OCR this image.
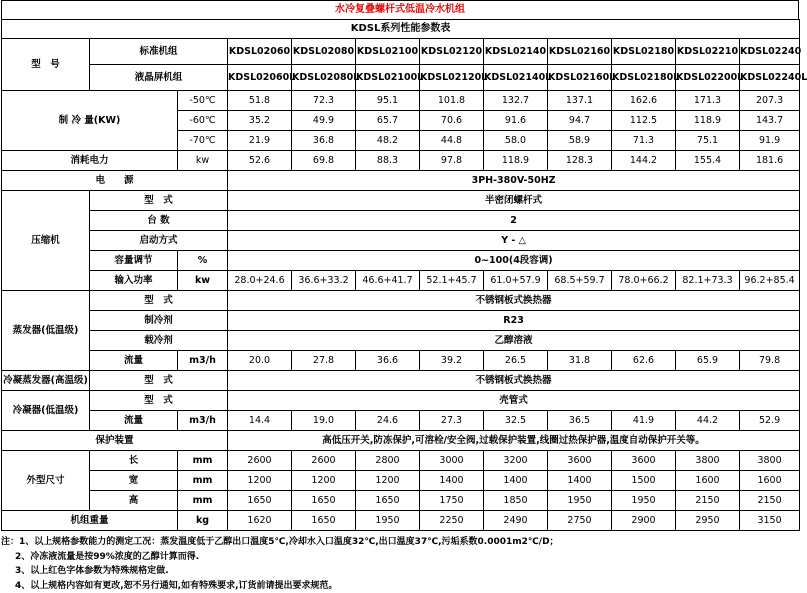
水冷复叠螺杆式低温冷水机组
KDSL系列性能参数表											
型　号	标准机组		KDSL02060	KDSL02080	KDSL02100	KDSL02120	KDSL02140	KDSL02160	KDSL02180	KDSL02210	KDSL02240
	液晶屏机组		KDSL02060L	KDSL02080L	KDSL02100L	KDSL02120L	KDSL02140L	KDSL02160L	KDSL02180L	KDSL02200L	KDSL02240L
制 冷 量(KW)		-50℃	51.8	72.3	95.1	101.8	132.7	137.1	162.6	171.3	207.3
		-60℃	35.2	49.9	65.7	70.6	91.6	94.7	112.5	118.9	143.7
		-70℃	21.9	36.8	48.2	44.8	58.0	58.9	71.3	75.1	91.9
消耗电力		kw	52.6	69.8	88.3	97.8	118.9	128.3	144.2	155.4	181.6
电　　源			3PH-380V-50HZ								
压缩机	型　式		半密闭螺杆式								
	台 数		2								
	启动方式		Y - △								
	容量调节	%	0~100(4段容调)								
	输入功率	kw	28.0+24.6	36.6+33.2	46.6+41.7	52.1+45.7	61.0+57.9	68.5+59.7	78.0+66.2	82.1+73.3	96.2+85.4
蒸发器(低温级)	型　式		不锈钢板式换热器								
	制冷剂		R23								
	载冷剂		乙醇溶液								
	流量	m3/h	20.0	27.8	36.6	39.2	26.5	31.8	62.6	65.9	79.8
冷凝蒸发器(高温级)	型　式		不锈钢板式换热器								
冷凝器(低温级)	型　式		壳管式								
	流量	m3/h	14.4	19.0	24.6	27.3	32.5	36.5	41.9	44.2	52.9
保护装置			高低压开关,防冻保护,可溶栓/安全阀,过载保护装置,线圈过热保护器,温度自动保护开关等。								
外型尺寸	长	mm	2600	2600	2800	3000	3200	3600	3600	3800	3800
	宽	mm	1200	1200	1200	1400	1400	1400	1500	1600	1600
	高	mm	1650	1650	1650	1750	1850	1950	1950	2150	2150
机组重量		kg	1620	1650	1950	2250	2490	2750	2900	2950	3150
注：1、以上规格参数能力的测定工况：蒸发温度低于乙醇出口温度5℃,冷却水入口温度32℃,出口温度37℃,污垢系数0.0001m2℃/D；
2、冷冻液流量是按99%浓度的乙醇计算而得.
3、以上红色字体参数为特殊规格定做.
4、以上规格内容如有更改,恕不另行通知,如有特殊要求,订货前请提出要求规范。
